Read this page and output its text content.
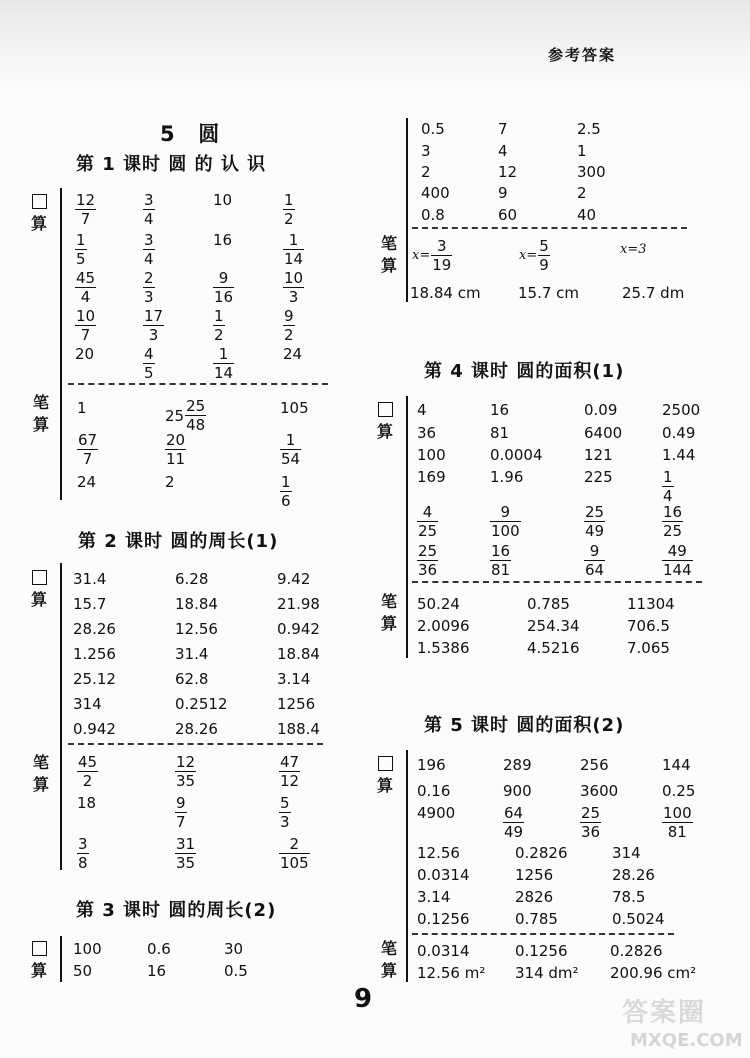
参考答案
5 圆
第 1 课时 圆 的 认 识
算 $\frac{12}{7}$	$\frac{3}{4}$	10	$\frac{1}{2}$
$\frac{1}{5}$	$\frac{3}{4}$	16	$\frac{1}{14}$
$\frac{45}{4}$	$\frac{2}{3}$	$\frac{9}{16}$	$\frac{10}{3}$
$\frac{10}{7}$	$\frac{17}{3}$	$\frac{1}{2}$	$\frac{9}{2}$
20	$\frac{4}{5}$	$\frac{1}{14}$	24
笔
算
1	$25 \frac{25}{48}$	105
$\frac{67}{7}$	$\frac{20}{11}$	$\frac{1}{54}$
24	2	$\frac{1}{6}$
第 2 课时 圆的周长(1)
算
31.4	6.28	9.42
15.7	18.84	21.98
28.26	12.56	0.942
1.256	31.4	18.84
25.12	62.8	3.14
314	0.2512	1256
0.942	28.26	188.4
笔
算 $\frac{45}{2}$	$\frac{12}{35}$	$\frac{47}{12}$
18	$\frac{9}{7}$	$\frac{5}{3}$
$\frac{3}{8}$	$\frac{31}{35}$	$\frac{2}{105}$
第 3 课时 圆的周长(2)
算
100	0.6	30
50	16	0.5
0.5	7	2.5
3	4	1
2	12	300
400	9	2
0.8	60	40
笔
算
$x= \frac{3}{19}$	$x= \frac{5}{9}$	x=3
18.84 cm 15.7 cm	25.7 dm
第 4 课时 圆的面积(1)
算
4	16	0.09	2500
36	81	6400	0.49
100	0.0004	121	1.44
169	1.96	225	$\frac{1}{4}$
$\frac{4}{25}$	$\frac{9}{100}$	$\frac{25}{49}$	$\frac{16}{25}$
$\frac{25}{36}$	$\frac{16}{81}$	$\frac{9}{64}$	$\frac{49}{144}$
笔
算
50.24	0.785	11304
2.0096	254.34	706.5
1.5386	4.5216	7.065
第 5 课时 圆的面积(2)
算
196	289	256	144
0.16	900	3600	0.25
4900	$\frac{64}{49}$	$\frac{25}{36}$	$\frac{100}{81}$
12.56	0.2826	314
0.0314	1256	28.26
3.14	2826	78.5
0.1256	0.785	0.5024
笔
算
0.0314	0.1256	0.2826
12.56 m² 314 dm² 200.96 cm²
9	答案圈
MXQE.COM
